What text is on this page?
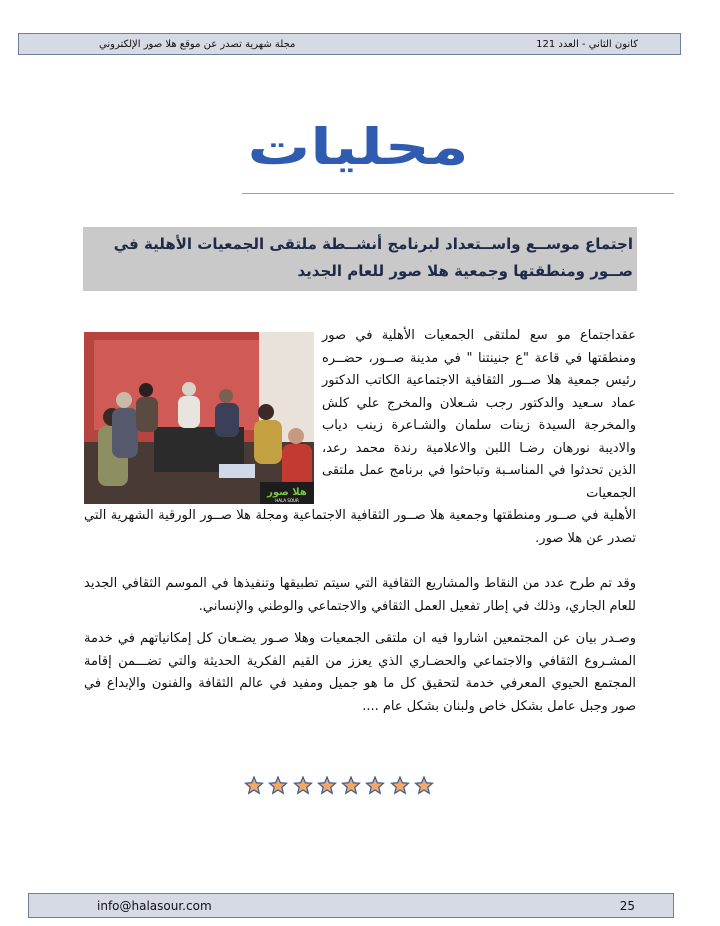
كانون الثاني - العدد 121
مجلة شهرية تصدر عن موقع هلا صور الإلكتروني
محليات
اجتماع موســع واســتعداد لبرنامج أنشــطة ملتقى الجمعيات الأهلية في صــور ومنطقتها وجمعية هلا صور للعام الجديد
هلا صور
HALA SOUR
عقداجتماع مو سع لملتقى الجمعيات الأهلية في صور ومنطقتها في قاعة "ع جنينتنا " في مدينة صــور، حضــره رئيس جمعية هلا صــور الثقافية الاجتماعية الكاتب الدكتور عماد سـعيد والدكتور رجب شـعلان والمخرج علي كلش والمخرجة السيدة زينات سلمان والشـاعرة زينب دياب والاديبة نورهان رضـا اللبن والاعلامية رندة محمد رعد، الذين تحدثوا في المناسـبة وتباحثوا في برنامج عمل ملتقى الجمعيات
الأهلية في صــور ومنطقتها وجمعية هلا صــور الثقافية الاجتماعية ومجلة هلا صــور الورقية الشهرية التي تصدر عن هلا صور.
وقد تم طرح عدد من النقاط والمشاريع الثقافية التي سيتم تطبيقها وتنفيذها في الموسم الثقافي الجديد للعام الجاري، وذلك في إطار تفعيل العمل الثقافي والاجتماعي والوطني والإنساني.
وصـدر بيان عن المجتمعين اشاروا فيه ان ملتقى الجمعيات وهلا صـور يضـعان كل إمكانياتهم في خدمة المشـروع الثقافي والاجتماعي والحضـاري الذي يعزز من القيم الفكرية الحديثة والتي تضـــمن إقامة المجتمع الحيوي المعرفي خدمة لتحقيق كل ما هو جميل ومفيد في عالم الثقافة والفنون والإبداع في صور وجبل عامل بشكل خاص ولبنان بشكل عام ....
info@halasour.com	25
